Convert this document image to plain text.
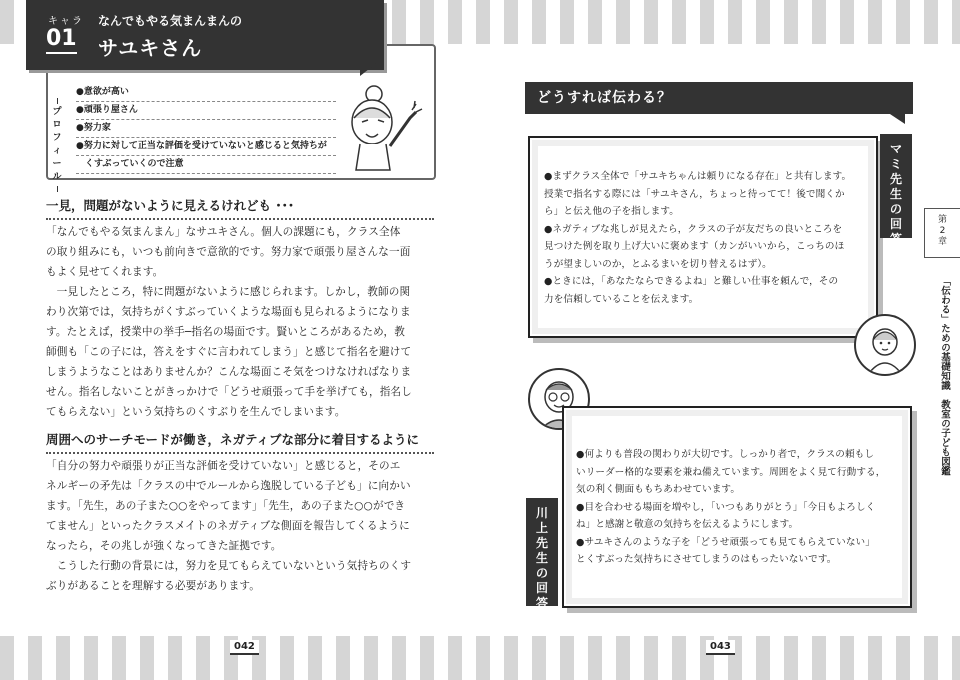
キャラ
01
なんでもやる気まんまんの
サユキさん
プ
ロ
フ
ィ
ー
ル
●意欲が高い
●頑張り屋さん
●努力家
●努力に対して正当な評価を受けていないと感じると気持ちが
　くすぶっていくので注意
一見，問題がないように見えるけれども ･･･

「なんでもやる気まんまん」なサユキさん。個人の課題にも，クラス全体

の取り組みにも，いつも前向きで意欲的です。努力家で頑張り屋さんな一面

もよく見せてくれます。

一見したところ，特に問題がないように感じられます。しかし，教師の関

わり次第では，気持ちがくすぶっていくような場面も見られるようになりま

す。たとえば，授業中の挙手─指名の場面です。賢いところがあるため，教

師側も「この子には，答えをすぐに言われてしまう」と感じて指名を避けて

しまうようなことはありませんか？こんな場面こそ気をつけなければなりま

せん。指名しないことがきっかけで「どうせ頑張って手を挙げても，指名し

てもらえない」という気持ちのくすぶりを生んでしまいます。

周囲へのサーチモードが働き，ネガティブな部分に着目するように

「自分の努力や頑張りが正当な評価を受けていない」と感じると，そのエ

ネルギーの矛先は「クラスの中でルールから逸脱している子ども」に向かい

ます。「先生，あの子また○○をやってます」「先生，あの子また○○ができ

てません」といったクラスメイトのネガティブな側面を報告してくるように

なったら，その兆しが強くなってきた証拠です。

こうした行動の背景には，努力を見てもらえていないという気持ちのくす

ぶりがあることを理解する必要があります。

042
どうすれば伝わる？

●まずクラス全体で「サユキちゃんは頼りになる存在」と共有します。

授業で指名する際には「サユキさん，ちょっと待ってて！後で聞くか

ら」と伝え他の子を指します。

●ネガティブな兆しが見えたら，クラスの子が友だちの良いところを

見つけた例を取り上げ大いに褒めます（カンがいいから，こっちのほ

うが望ましいのか，とふるまいを切り替えるはず）。

●ときには，「あなたならできるよね」と難しい仕事を頼んで，その

力を信頼していることを伝えます。

マ
ミ
先
生
の
回
答

●何よりも普段の関わりが大切です。しっかり者で，クラスの頼もし

いリーダー格的な要素を兼ね備えています。周囲をよく見て行動する，

気の利く側面ももちあわせています。

●目を合わせる場面を増やし，「いつもありがとう」「今日もよろしく

ね」と感謝と敬意の気持ちを伝えるようにします。

●サユキさんのような子を「どうせ頑張っても見てもらえていない」

とくすぶった気持ちにさせてしまうのはもったいないです。

川
上
先
生
の
回
答
第
2
章
「伝わる」ための基礎知識　教室の子ども図鑑
043
